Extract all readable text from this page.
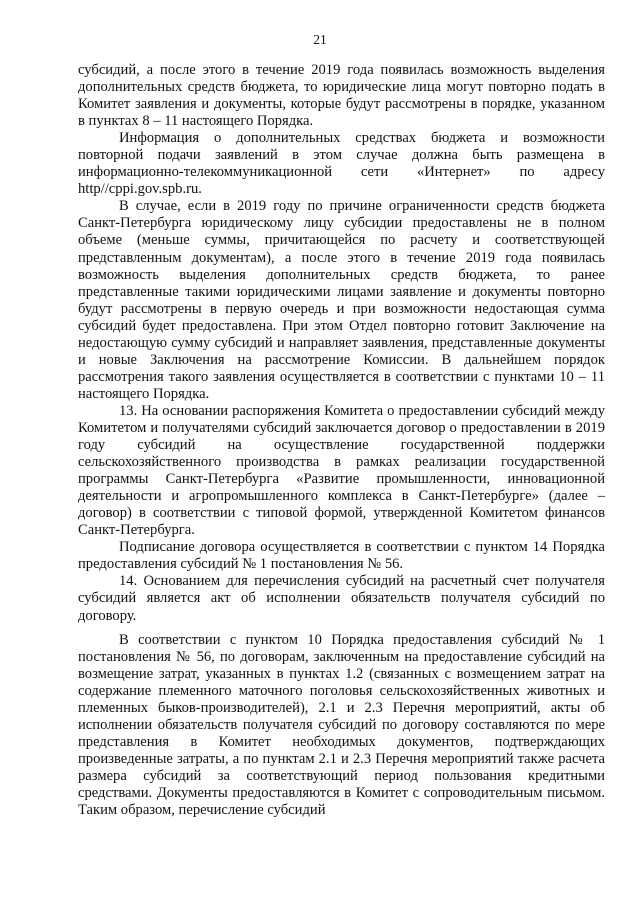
21

субсидий, а после этого в течение 2019 года появилась возможность выделения дополнительных средств бюджета, то юридические лица могут повторно подать в Комитет заявления и документы, которые будут рассмотрены в порядке, указанном в пунктах 8 – 11 настоящего Порядка.

Информация о дополнительных средствах бюджета и возможности повторной подачи заявлений в этом случае должна быть размещена в информационно-телекоммуникационной сети «Интернет» по адресу http//cppi.gov.spb.ru.

В случае, если в 2019 году по причине ограниченности средств бюджета Санкт-Петербурга юридическому лицу субсидии предоставлены не в полном объеме (меньше суммы, причитающейся по расчету и соответствующей представленным документам), а после этого в течение 2019 года появилась возможность выделения дополнительных средств бюджета, то ранее представленные такими юридическими лицами заявление и документы повторно будут рассмотрены в первую очередь и при возможности недостающая сумма субсидий будет предоставлена. При этом Отдел повторно готовит Заключение на недостающую сумму субсидий и направляет заявления, представленные документы и новые Заключения на рассмотрение Комиссии. В дальнейшем порядок рассмотрения такого заявления осуществляется в соответствии с пунктами 10 – 11 настоящего Порядка.

13. На основании распоряжения Комитета о предоставлении субсидий между Комитетом и получателями субсидий заключается договор о предоставлении в 2019 году субсидий на осуществление государственной поддержки сельскохозяйственного производства в рамках реализации государственной программы Санкт-Петербурга «Развитие промышленности, инновационной деятельности и агропромышленного комплекса в Санкт-Петербурге» (далее – договор) в соответствии с типовой формой, утвержденной Комитетом финансов Санкт-Петербурга.

Подписание договора осуществляется в соответствии с пунктом 14 Порядка предоставления субсидий № 1 постановления № 56.

14. Основанием для перечисления субсидий на расчетный счет получателя субсидий является акт об исполнении обязательств получателя субсидий по договору.

В соответствии с пунктом 10 Порядка предоставления субсидий № 1 постановления № 56, по договорам, заключенным на предоставление субсидий на возмещение затрат, указанных в пунктах 1.2 (связанных с возмещением затрат на содержание племенного маточного поголовья сельскохозяйственных животных и племенных быков-производителей), 2.1 и 2.3 Перечня мероприятий, акты об исполнении обязательств получателя субсидий по договору составляются по мере представления в Комитет необходимых документов, подтверждающих произведенные затраты, а по пунктам 2.1 и 2.3 Перечня мероприятий также расчета размера субсидий за соответствующий период пользования кредитными средствами. Документы предоставляются в Комитет с сопроводительным письмом. Таким образом, перечисление субсидий
